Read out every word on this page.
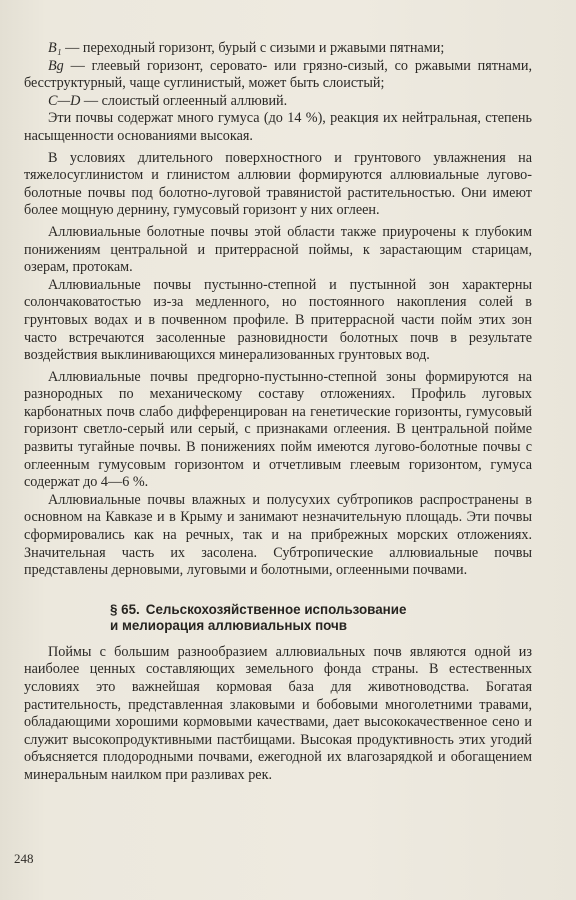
B₁ — переходный горизонт, бурый с сизыми и ржавыми пятнами;

Bg — глеевый горизонт, серовато- или грязно-сизый, со ржавыми пятнами, бесструктурный, чаще суглинистый, может быть слоистый;

C—D — слоистый оглеенный аллювий.

Эти почвы содержат много гумуса (до 14 %), реакция их нейтральная, степень насыщенности основаниями высокая.

В условиях длительного поверхностного и грунтового увлажнения на тяжелосуглинистом и глинистом аллювии формируются аллювиальные лугово-болотные почвы под болотно-луговой травянистой растительностью. Они имеют более мощную дернину, гумусовый горизонт у них оглеен.

Аллювиальные болотные почвы этой области также приурочены к глубоким понижениям центральной и притеррасной поймы, к зарастающим старицам, озерам, протокам.

Аллювиальные почвы пустынно-степной и пустынной зон характерны солончаковатостью из-за медленного, но постоянного накопления солей в грунтовых водах и в почвенном профиле. В притеррасной части пойм этих зон часто встречаются засоленные разновидности болотных почв в результате воздействия выклинивающихся минерализованных грунтовых вод.

Аллювиальные почвы предгорно-пустынно-степной зоны формируются на разнородных по механическому составу отложениях. Профиль луговых карбонатных почв слабо дифференцирован на генетические горизонты, гумусовый горизонт светло-серый или серый, с признаками оглеения. В центральной пойме развиты тугайные почвы. В понижениях пойм имеются лугово-болотные почвы с оглеенным гумусовым горизонтом и отчетливым глеевым горизонтом, гумуса содержат до 4—6 %.

Аллювиальные почвы влажных и полусухих субтропиков распространены в основном на Кавказе и в Крыму и занимают незначительную площадь. Эти почвы сформировались как на речных, так и на прибрежных морских отложениях. Значительная часть их засолена. Субтропические аллювиальные почвы представлены дерновыми, луговыми и болотными, оглеенными почвами.

§ 65. Сельскохозяйственное использование
и мелиорация аллювиальных почв

Поймы с большим разнообразием аллювиальных почв являются одной из наиболее ценных составляющих земельного фонда страны. В естественных условиях это важнейшая кормовая база для животноводства. Богатая растительность, представленная злаковыми и бобовыми многолетними травами, обладающими хорошими кормовыми качествами, дает высококачественное сено и служит высокопродуктивными пастбищами. Высокая продуктивность этих угодий объясняется плодородными почвами, ежегодной их влагозарядкой и обогащением минеральным наилком при разливах рек.

248
